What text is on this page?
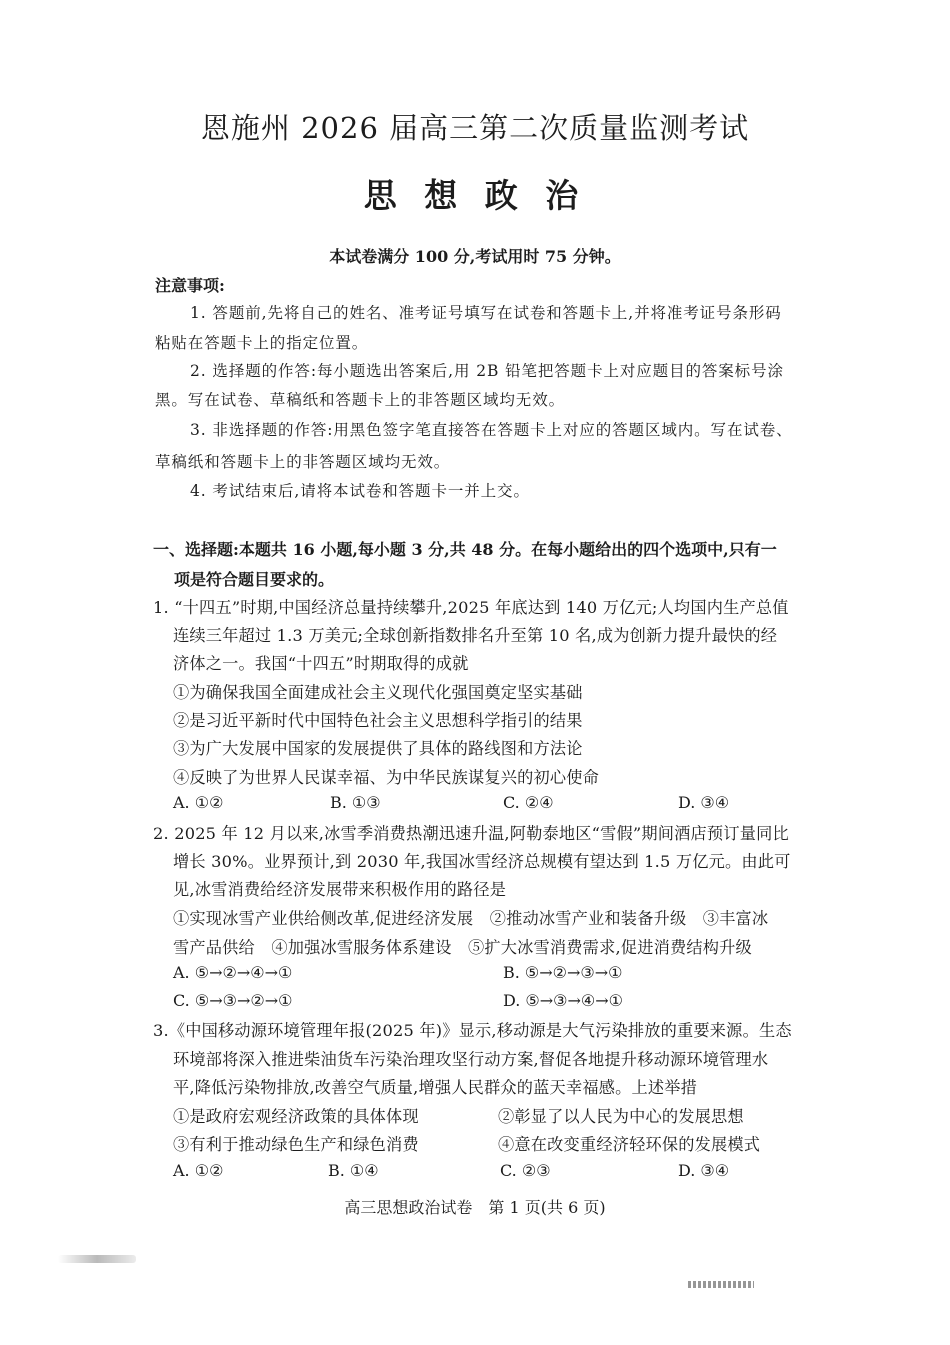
恩施州 2026 届高三第二次质量监测考试
思 想 政 治
本试卷满分 100 分,考试用时 75 分钟。
注意事项:
1. 答题前,先将自己的姓名、准考证号填写在试卷和答题卡上,并将准考证号条形码
粘贴在答题卡上的指定位置。
2. 选择题的作答:每小题选出答案后,用 2B 铅笔把答题卡上对应题目的答案标号涂
黑。写在试卷、草稿纸和答题卡上的非答题区域均无效。
3. 非选择题的作答:用黑色签字笔直接答在答题卡上对应的答题区域内。写在试卷、
草稿纸和答题卡上的非答题区域均无效。
4. 考试结束后,请将本试卷和答题卡一并上交。
一、选择题:本题共 16 小题,每小题 3 分,共 48 分。在每小题给出的四个选项中,只有一
项是符合题目要求的。
1. “十四五”时期,中国经济总量持续攀升,2025 年底达到 140 万亿元;人均国内生产总值
连续三年超过 1.3 万美元;全球创新指数排名升至第 10 名,成为创新力提升最快的经
济体之一。我国“十四五”时期取得的成就
①为确保我国全面建成社会主义现代化强国奠定坚实基础
②是习近平新时代中国特色社会主义思想科学指引的结果
③为广大发展中国家的发展提供了具体的路线图和方法论
④反映了为世界人民谋幸福、为中华民族谋复兴的初心使命
A. ①②	B. ①③	C. ②④	D. ③④
2. 2025 年 12 月以来,冰雪季消费热潮迅速升温,阿勒泰地区“雪假”期间酒店预订量同比
增长 30%。业界预计,到 2030 年,我国冰雪经济总规模有望达到 1.5 万亿元。由此可
见,冰雪消费给经济发展带来积极作用的路径是
①实现冰雪产业供给侧改革,促进经济发展　②推动冰雪产业和装备升级　③丰富冰
雪产品供给　④加强冰雪服务体系建设　⑤扩大冰雪消费需求,促进消费结构升级
A. ⑤→②→④→①	B. ⑤→②→③→①
C. ⑤→③→②→①	D. ⑤→③→④→①
3.《中国移动源环境管理年报(2025 年)》显示,移动源是大气污染排放的重要来源。生态
环境部将深入推进柴油货车污染治理攻坚行动方案,督促各地提升移动源环境管理水
平,降低污染物排放,改善空气质量,增强人民群众的蓝天幸福感。上述举措
①是政府宏观经济政策的具体体现	②彰显了以人民为中心的发展思想
③有利于推动绿色生产和绿色消费	④意在改变重经济轻环保的发展模式
A. ①②	B. ①④	C. ②③	D. ③④
高三思想政治试卷　第 1 页(共 6 页)
